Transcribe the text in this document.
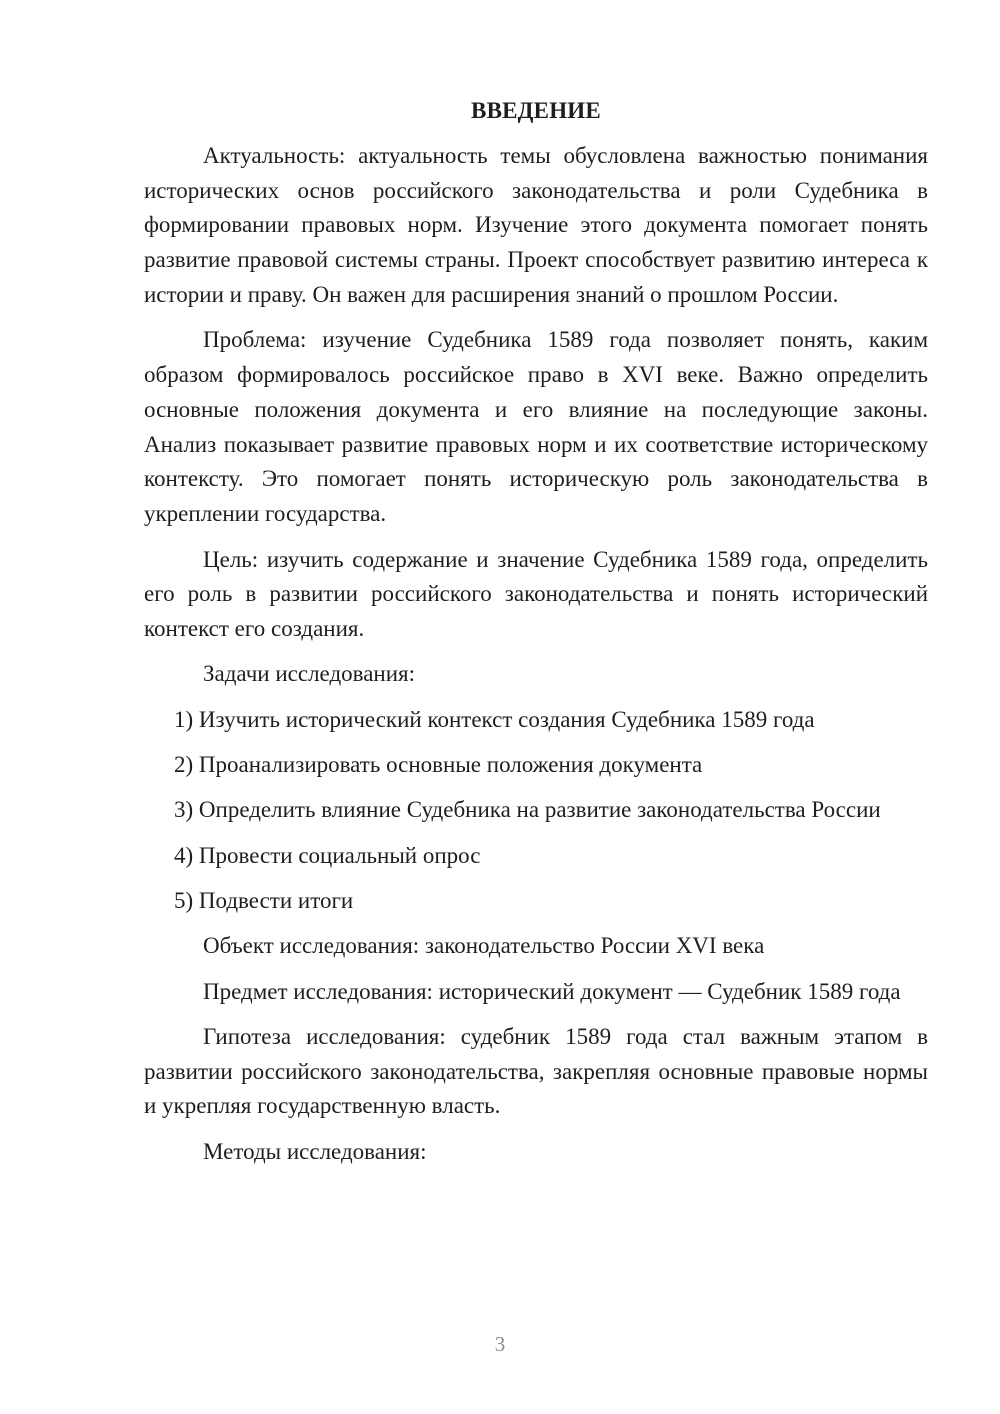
ВВЕДЕНИЕ
Актуальность: актуальность темы обусловлена важностью понимания исторических основ российского законодательства и роли Судебника в формировании правовых норм. Изучение этого документа помогает понять развитие правовой системы страны. Проект способствует развитию интереса к истории и праву. Он важен для расширения знаний о прошлом России.
Проблема: изучение Судебника 1589 года позволяет понять, каким образом формировалось российское право в XVI веке. Важно определить основные положения документа и его влияние на последующие законы. Анализ показывает развитие правовых норм и их соответствие историческому контексту. Это помогает понять историческую роль законодательства в укреплении государства.
Цель: изучить содержание и значение Судебника 1589 года, определить его роль в развитии российского законодательства и понять исторический контекст его создания.
Задачи исследования:
1) Изучить исторический контекст создания Судебника 1589 года
2) Проанализировать основные положения документа
3) Определить влияние Судебника на развитие законодательства России
4) Провести социальный опрос
5) Подвести итоги
Объект исследования: законодательство России XVI века
Предмет исследования: исторический документ — Судебник 1589 года
Гипотеза исследования: судебник 1589 года стал важным этапом в развитии российского законодательства, закрепляя основные правовые нормы и укрепляя государственную власть.
Методы исследования:
3
